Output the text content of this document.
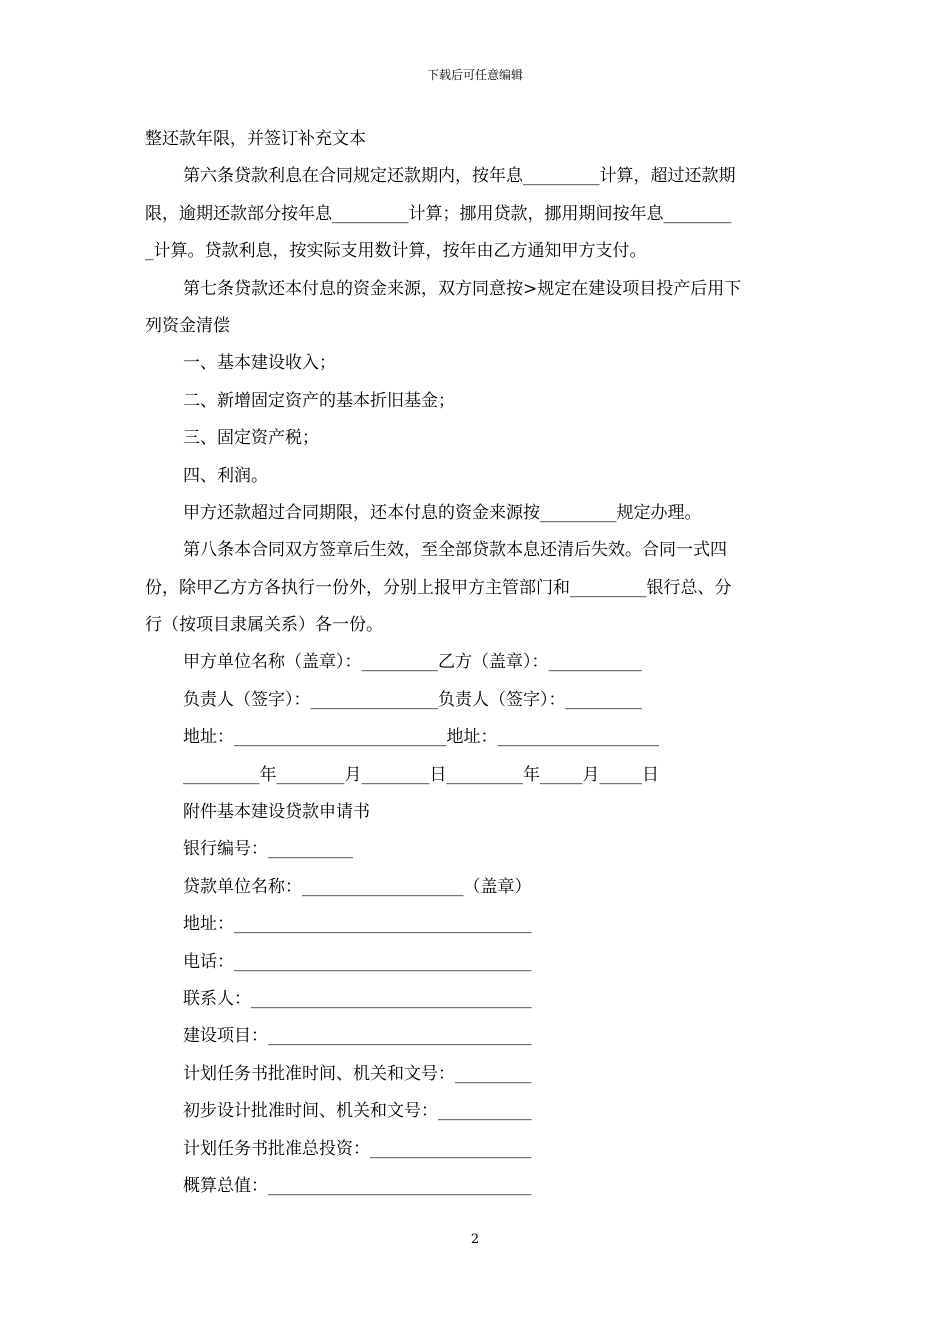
下载后可任意编辑
整还款年限，并签订补充文本
第六条贷款利息在合同规定还款期内，按年息_________计算，超过还款期
限，逾期还款部分按年息_________计算；挪用贷款，挪用期间按年息________
_计算。贷款利息，按实际支用数计算，按年由乙方通知甲方支付。
第七条贷款还本付息的资金来源，双方同意按>规定在建设项目投产后用下
列资金清偿
一、基本建设收入；
二、新增固定资产的基本折旧基金；
三、固定资产税；
四、利润。
甲方还款超过合同期限，还本付息的资金来源按_________规定办理。
第八条本合同双方签章后生效，至全部贷款本息还清后失效。合同一式四
份，除甲乙方方各执行一份外，分别上报甲方主管部门和_________银行总、分
行（按项目隶属关系）各一份。
甲方单位名称（盖章）：_________乙方（盖章）：___________
负责人（签字）：_______________负责人（签字）：_________
地址：_________________________地址：___________________
_________年________月________日_________年_____月_____日
附件基本建设贷款申请书
银行编号：__________
贷款单位名称：___________________（盖章）
地址：___________________________________
电话：___________________________________
联系人：_________________________________
建设项目：_______________________________
计划任务书批准时间、机关和文号：_________
初步设计批准时间、机关和文号：___________
计划任务书批准总投资：___________________
概算总值：_______________________________
2
